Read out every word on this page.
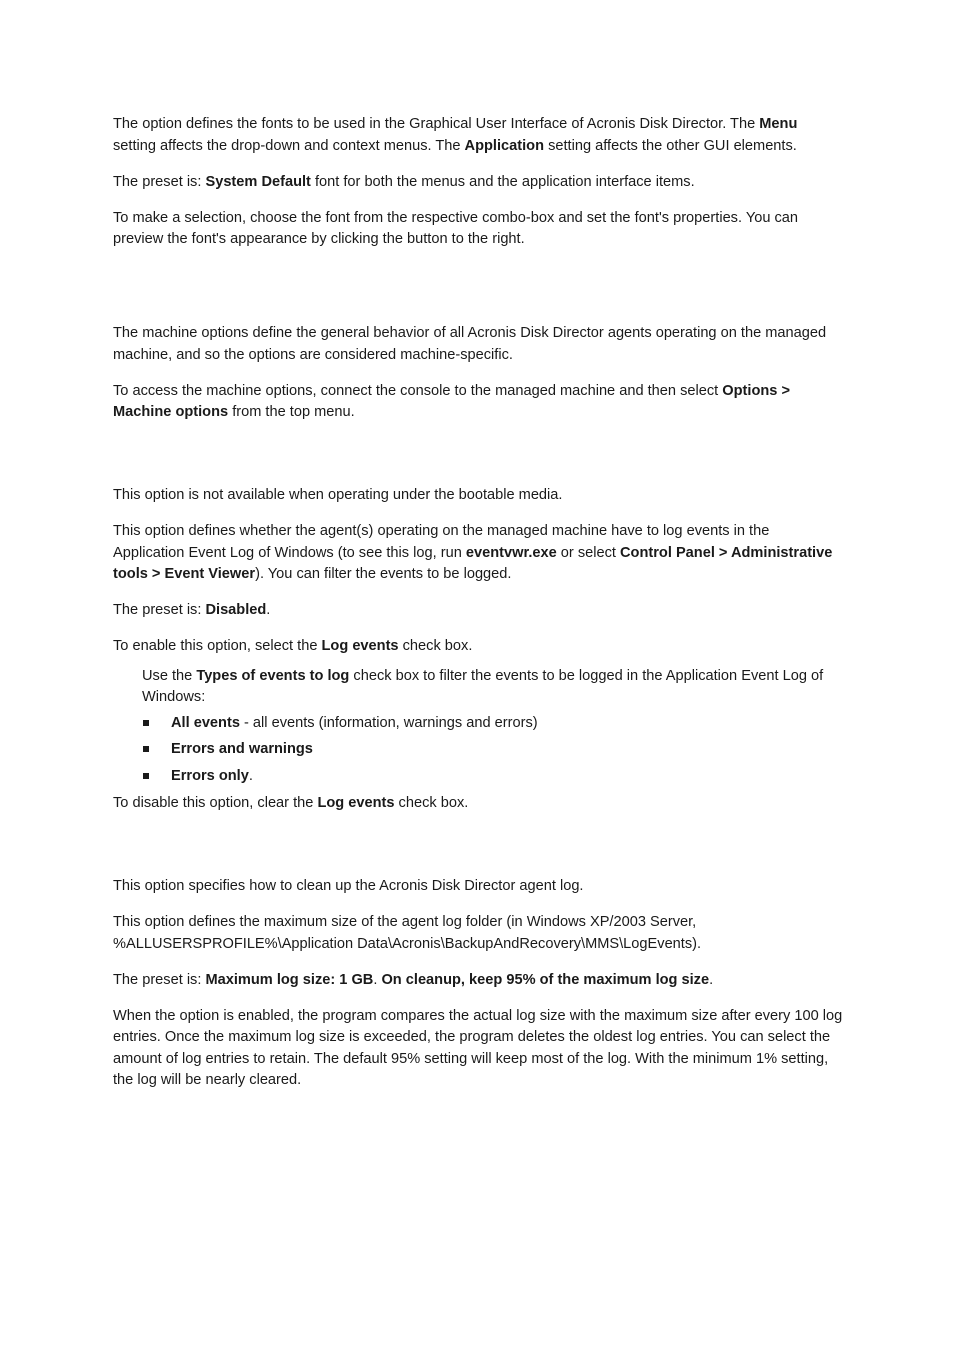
The option defines the fonts to be used in the Graphical User Interface of Acronis Disk Director. The Menu setting affects the drop-down and context menus. The Application setting affects the other GUI elements.

The preset is: System Default font for both the menus and the application interface items.

To make a selection, choose the font from the respective combo-box and set the font's properties. You can preview the font's appearance by clicking the button to the right.

The machine options define the general behavior of all Acronis Disk Director agents operating on the managed machine, and so the options are considered machine-specific.

To access the machine options, connect the console to the managed machine and then select Options > Machine options from the top menu.

This option is not available when operating under the bootable media.

This option defines whether the agent(s) operating on the managed machine have to log events in the Application Event Log of Windows (to see this log, run eventvwr.exe or select Control Panel > Administrative tools > Event Viewer). You can filter the events to be logged.

The preset is: Disabled.

To enable this option, select the Log events check box.

Use the Types of events to log check box to filter the events to be logged in the Application Event Log of Windows:

All events - all events (information, warnings and errors)
Errors and warnings
Errors only.

To disable this option, clear the Log events check box.

This option specifies how to clean up the Acronis Disk Director agent log.

This option defines the maximum size of the agent log folder (in Windows XP/2003 Server, %ALLUSERSPROFILE%\Application Data\Acronis\BackupAndRecovery\MMS\LogEvents).

The preset is: Maximum log size: 1 GB. On cleanup, keep 95% of the maximum log size.

When the option is enabled, the program compares the actual log size with the maximum size after every 100 log entries. Once the maximum log size is exceeded, the program deletes the oldest log entries. You can select the amount of log entries to retain. The default 95% setting will keep most of the log. With the minimum 1% setting, the log will be nearly cleared.
